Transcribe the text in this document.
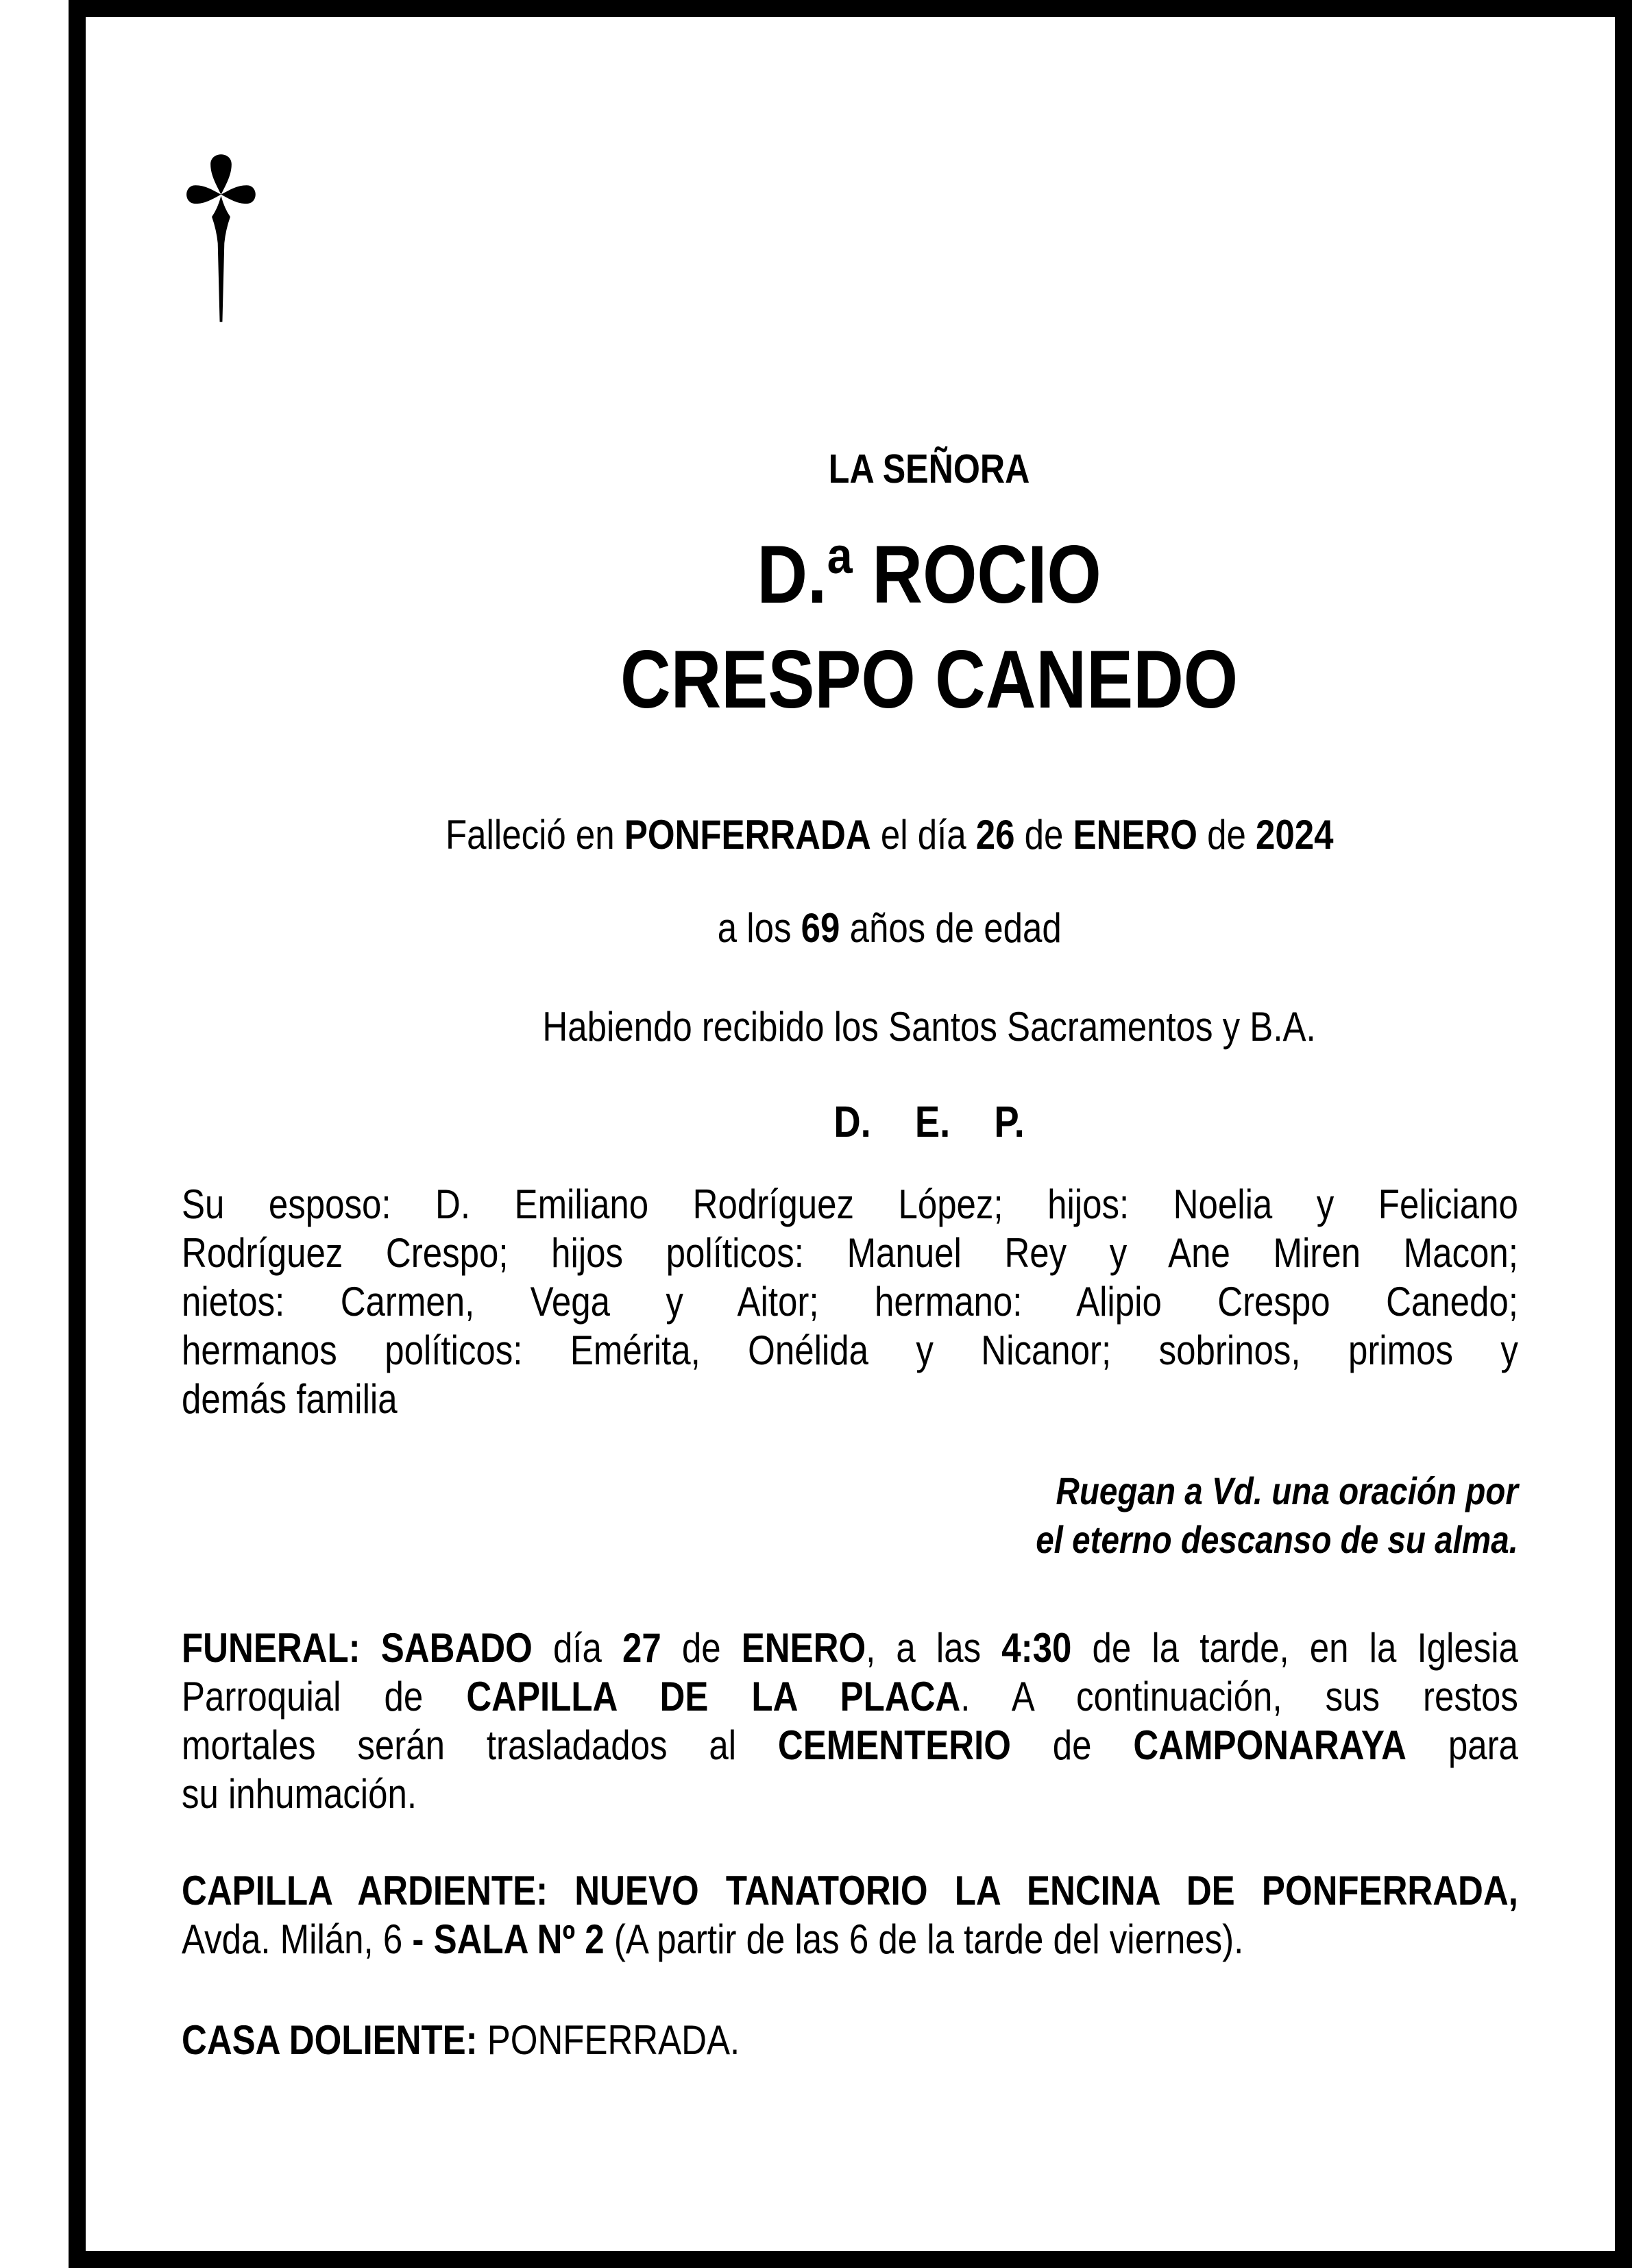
LA SEÑORA
D.ª ROCIO
CRESPO CANEDO
Falleció en PONFERRADA el día 26 de ENERO de 2024
a los 69 años de edad
Habiendo recibido los Santos Sacramentos y B.A.
D. E. P.
Su esposo: D. Emiliano Rodríguez López; hijos: Noelia y Feliciano
Rodríguez Crespo; hijos políticos: Manuel Rey y Ane Miren Macon;
nietos: Carmen, Vega y Aitor; hermano: Alipio Crespo Canedo;
hermanos políticos: Emérita, Onélida y Nicanor; sobrinos, primos y
demás familia
Ruegan a Vd. una oración por
el eterno descanso de su alma.
FUNERAL: SABADO día 27 de ENERO, a las 4:30 de la tarde, en la Iglesia
Parroquial de CAPILLA DE LA PLACA. A continuación, sus restos
mortales serán trasladados al CEMENTERIO de CAMPONARAYA para
su inhumación.
CAPILLA ARDIENTE: NUEVO TANATORIO LA ENCINA DE PONFERRADA,
Avda. Milán, 6 - SALA Nº 2 (A partir de las 6 de la tarde del viernes).
CASA DOLIENTE: PONFERRADA.
